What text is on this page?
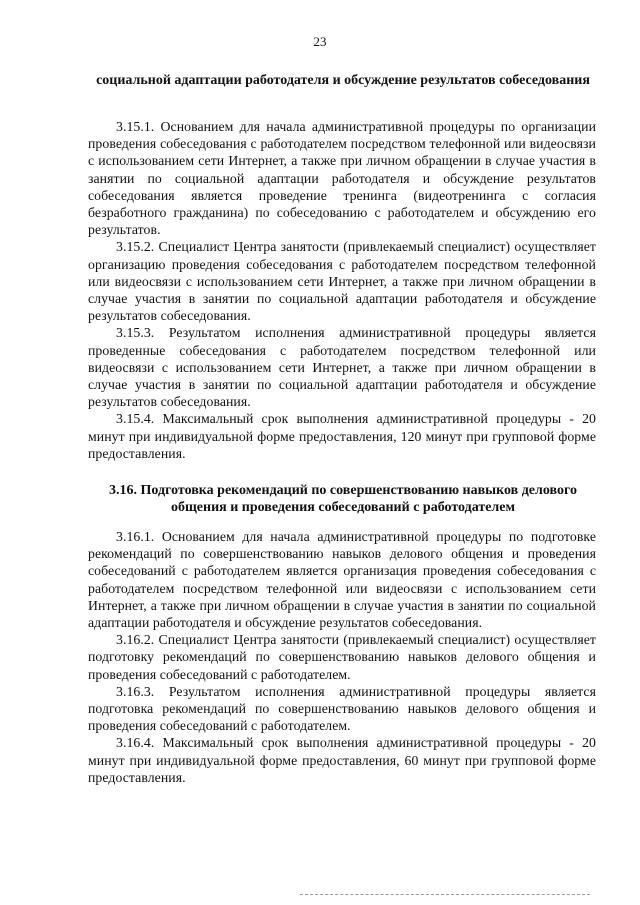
23
социальной адаптации работодателя и обсуждение результатов собеседования

3.15.1. Основанием для начала административной процедуры по организации проведения собеседования с работодателем посредством телефонной или видеосвязи с использованием сети Интернет, а также при личном обращении в случае участия в занятии по социальной адаптации работодателя и обсуждение результатов собеседования является проведение тренинга (видеотренинга с согласия безработного гражданина) по собеседованию с работодателем и обсуждению его результатов.

3.15.2. Специалист Центра занятости (привлекаемый специалист) осуществляет организацию проведения собеседования с работодателем посредством телефонной или видеосвязи с использованием сети Интернет, а также при личном обращении в случае участия в занятии по социальной адаптации работодателя и обсуждение результатов собеседования.

3.15.3. Результатом исполнения административной процедуры является проведенные собеседования с работодателем посредством телефонной или видеосвязи с использованием сети Интернет, а также при личном обращении в случае участия в занятии по социальной адаптации работодателя и обсуждение результатов собеседования.

3.15.4. Максимальный срок выполнения административной процедуры - 20 минут при индивидуальной форме предоставления, 120 минут при групповой форме предоставления.

3.16. Подготовка рекомендаций по совершенствованию навыков делового общения и проведения собеседований с работодателем

3.16.1. Основанием для начала административной процедуры по подготовке рекомендаций по совершенствованию навыков делового общения и проведения собеседований с работодателем является организация проведения собеседования с работодателем посредством телефонной или видеосвязи с использованием сети Интернет, а также при личном обращении в случае участия в занятии по социальной адаптации работодателя и обсуждение результатов собеседования.

3.16.2. Специалист Центра занятости (привлекаемый специалист) осуществляет подготовку рекомендаций по совершенствованию навыков делового общения и проведения собеседований с работодателем.

3.16.3. Результатом исполнения административной процедуры является подготовка рекомендаций по совершенствованию навыков делового общения и проведения собеседований с работодателем.

3.16.4. Максимальный срок выполнения административной процедуры - 20 минут при индивидуальной форме предоставления, 60 минут при групповой форме предоставления.
